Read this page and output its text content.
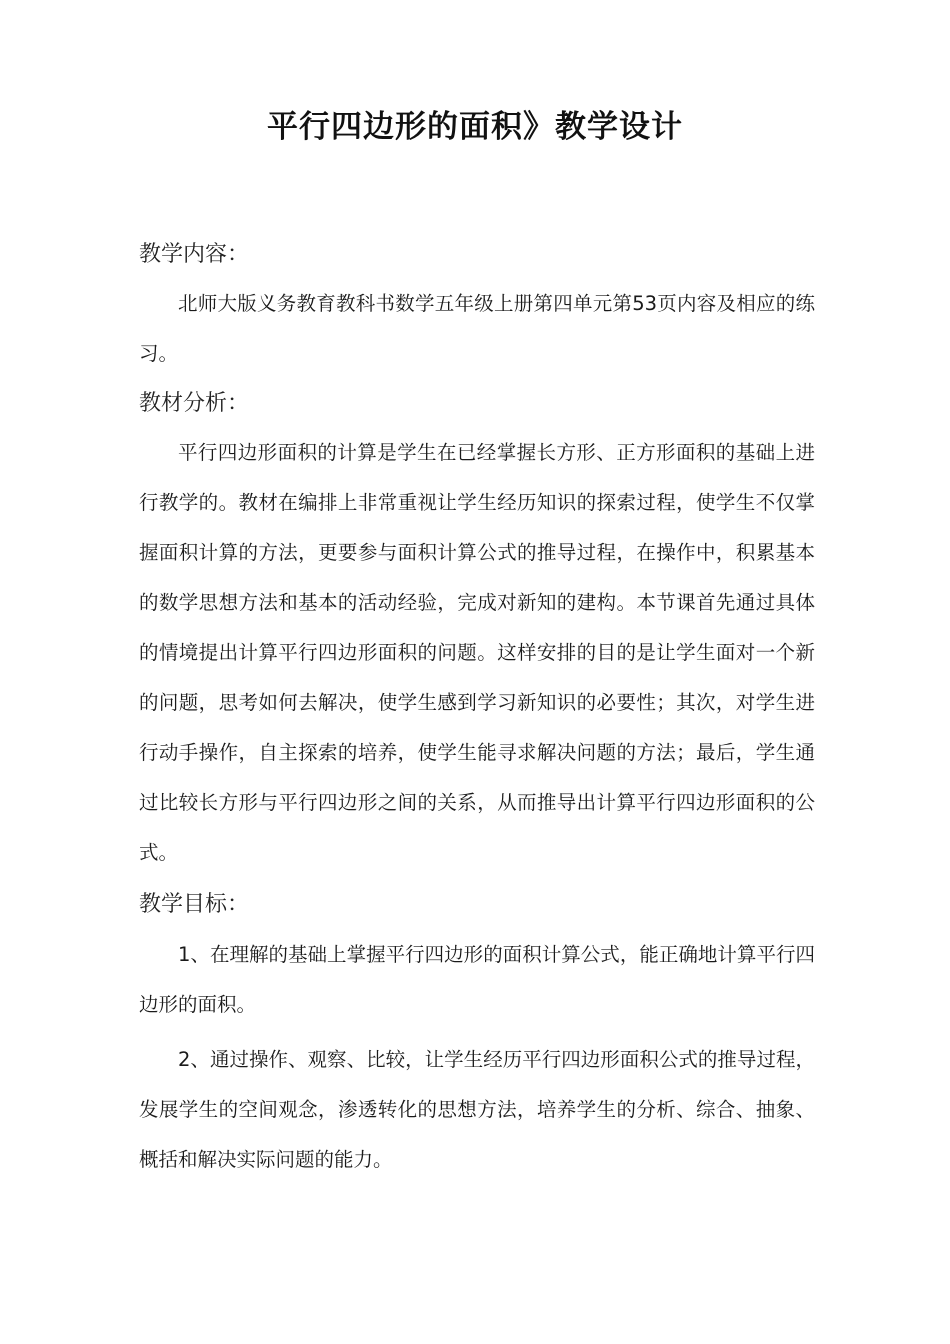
平行四边形的面积》教学设计

教学内容：

北师大版义务教育教科书数学五年级上册第四单元第53页内容及相应的练习。

教材分析：

平行四边形面积的计算是学生在已经掌握长方形、正方形面积的基础上进行教学的。教材在编排上非常重视让学生经历知识的探索过程，使学生不仅掌握面积计算的方法，更要参与面积计算公式的推导过程，在操作中，积累基本的数学思想方法和基本的活动经验，完成对新知的建构。本节课首先通过具体的情境提出计算平行四边形面积的问题。这样安排的目的是让学生面对一个新的问题，思考如何去解决，使学生感到学习新知识的必要性；其次，对学生进行动手操作，自主探索的培养，使学生能寻求解决问题的方法；最后，学生通过比较长方形与平行四边形之间的关系，从而推导出计算平行四边形面积的公式。

教学目标：

1、在理解的基础上掌握平行四边形的面积计算公式，能正确地计算平行四边形的面积。

2、通过操作、观察、比较，让学生经历平行四边形面积公式的推导过程，发展学生的空间观念，渗透转化的思想方法，培养学生的分析、综合、抽象、概括和解决实际问题的能力。
